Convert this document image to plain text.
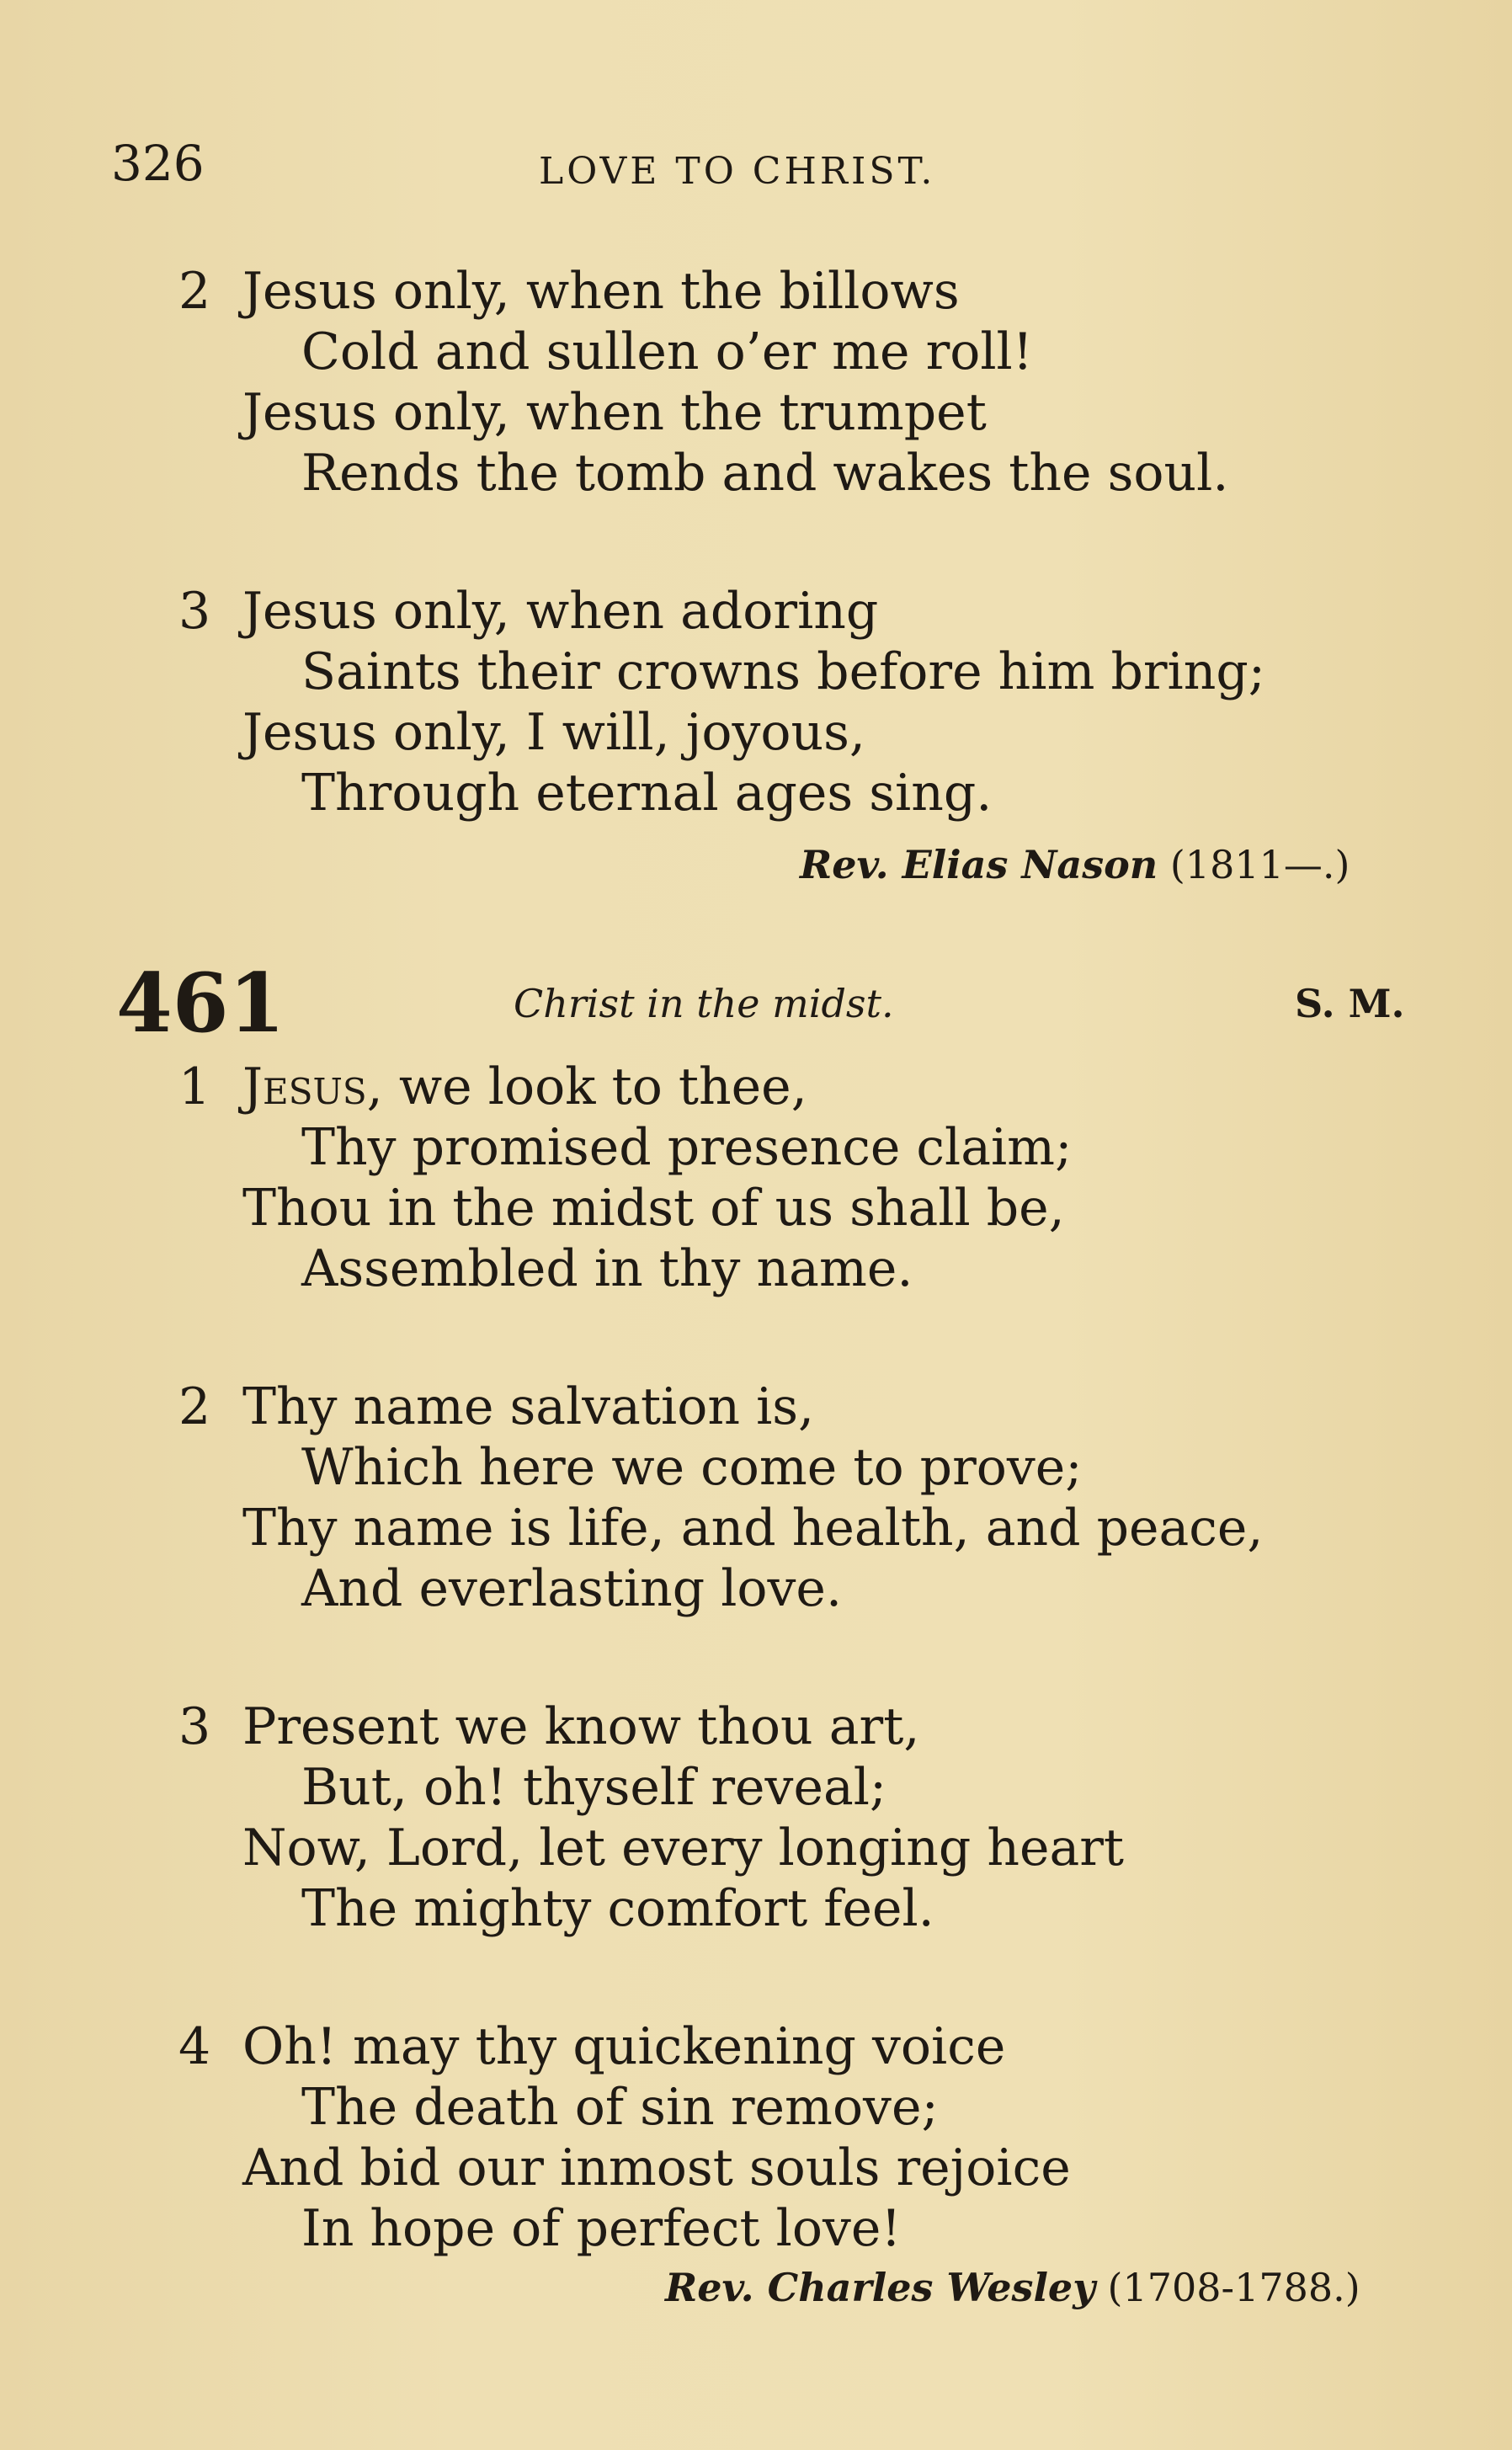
326	LOVE TO CHRIST.
2 Jesus only, when the billows
Cold and sullen o’er me roll!
Jesus only, when the trumpet
Rends the tomb and wakes the soul.
3 Jesus only, when adoring
Saints their crowns before him bring;
Jesus only, I will, joyous,
Through eternal ages sing.
Rev. Elias Nason (1811—.)
461	Christ in the midst.	S. M.
1 Jesus, we look to thee,
Thy promised presence claim;
Thou in the midst of us shall be,
Assembled in thy name.
2 Thy name salvation is,
Which here we come to prove;
Thy name is life, and health, and peace,
And everlasting love.
3 Present we know thou art,
But, oh! thyself reveal;
Now, Lord, let every longing heart
The mighty comfort feel.
4 Oh! may thy quickening voice
The death of sin remove;
And bid our inmost souls rejoice
In hope of perfect love!
Rev. Charles Wesley (1708-1788.)
